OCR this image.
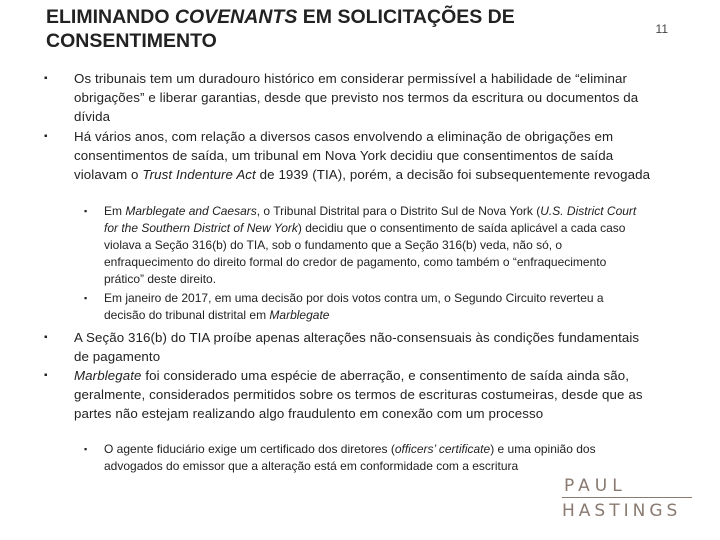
ELIMINANDO COVENANTS EM SOLICITAÇÕES DE CONSENTIMENTO
11
▪ Os tribunais tem um duradouro histórico em considerar permissível a habilidade de “eliminar obrigações” e liberar garantias, desde que previsto nos termos da escritura ou documentos da dívida
▪ Há vários anos, com relação a diversos casos envolvendo a eliminação de obrigações em consentimentos de saída, um tribunal em Nova York decidiu que consentimentos de saída violavam o Trust Indenture Act de 1939 (TIA), porém, a decisão foi subsequentemente revogada
▪ Em Marblegate and Caesars, o Tribunal Distrital para o Distrito Sul de Nova York (U.S. District Court for the Southern District of New York) decidiu que o consentimento de saída aplicável a cada caso violava a Seção 316(b) do TIA, sob o fundamento que a Seção 316(b) veda, não só, o enfraquecimento do direito formal do credor de pagamento, como também o “enfraquecimento prático” deste direito.
▪ Em janeiro de 2017, em uma decisão por dois votos contra um, o Segundo Circuito reverteu a decisão do tribunal distrital em Marblegate
▪ A Seção 316(b) do TIA proíbe apenas alterações não-consensuais às condições fundamentais de pagamento
▪ Marblegate foi considerado uma espécie de aberração, e consentimento de saída ainda são, geralmente, considerados permitidos sobre os termos de escrituras costumeiras, desde que as partes não estejam realizando algo fraudulento em conexão com um processo
▪ O agente fiduciário exige um certificado dos diretores (officers’ certificate) e uma opinião dos advogados do emissor que a alteração está em conformidade com a escritura
PAUL
HASTINGS
